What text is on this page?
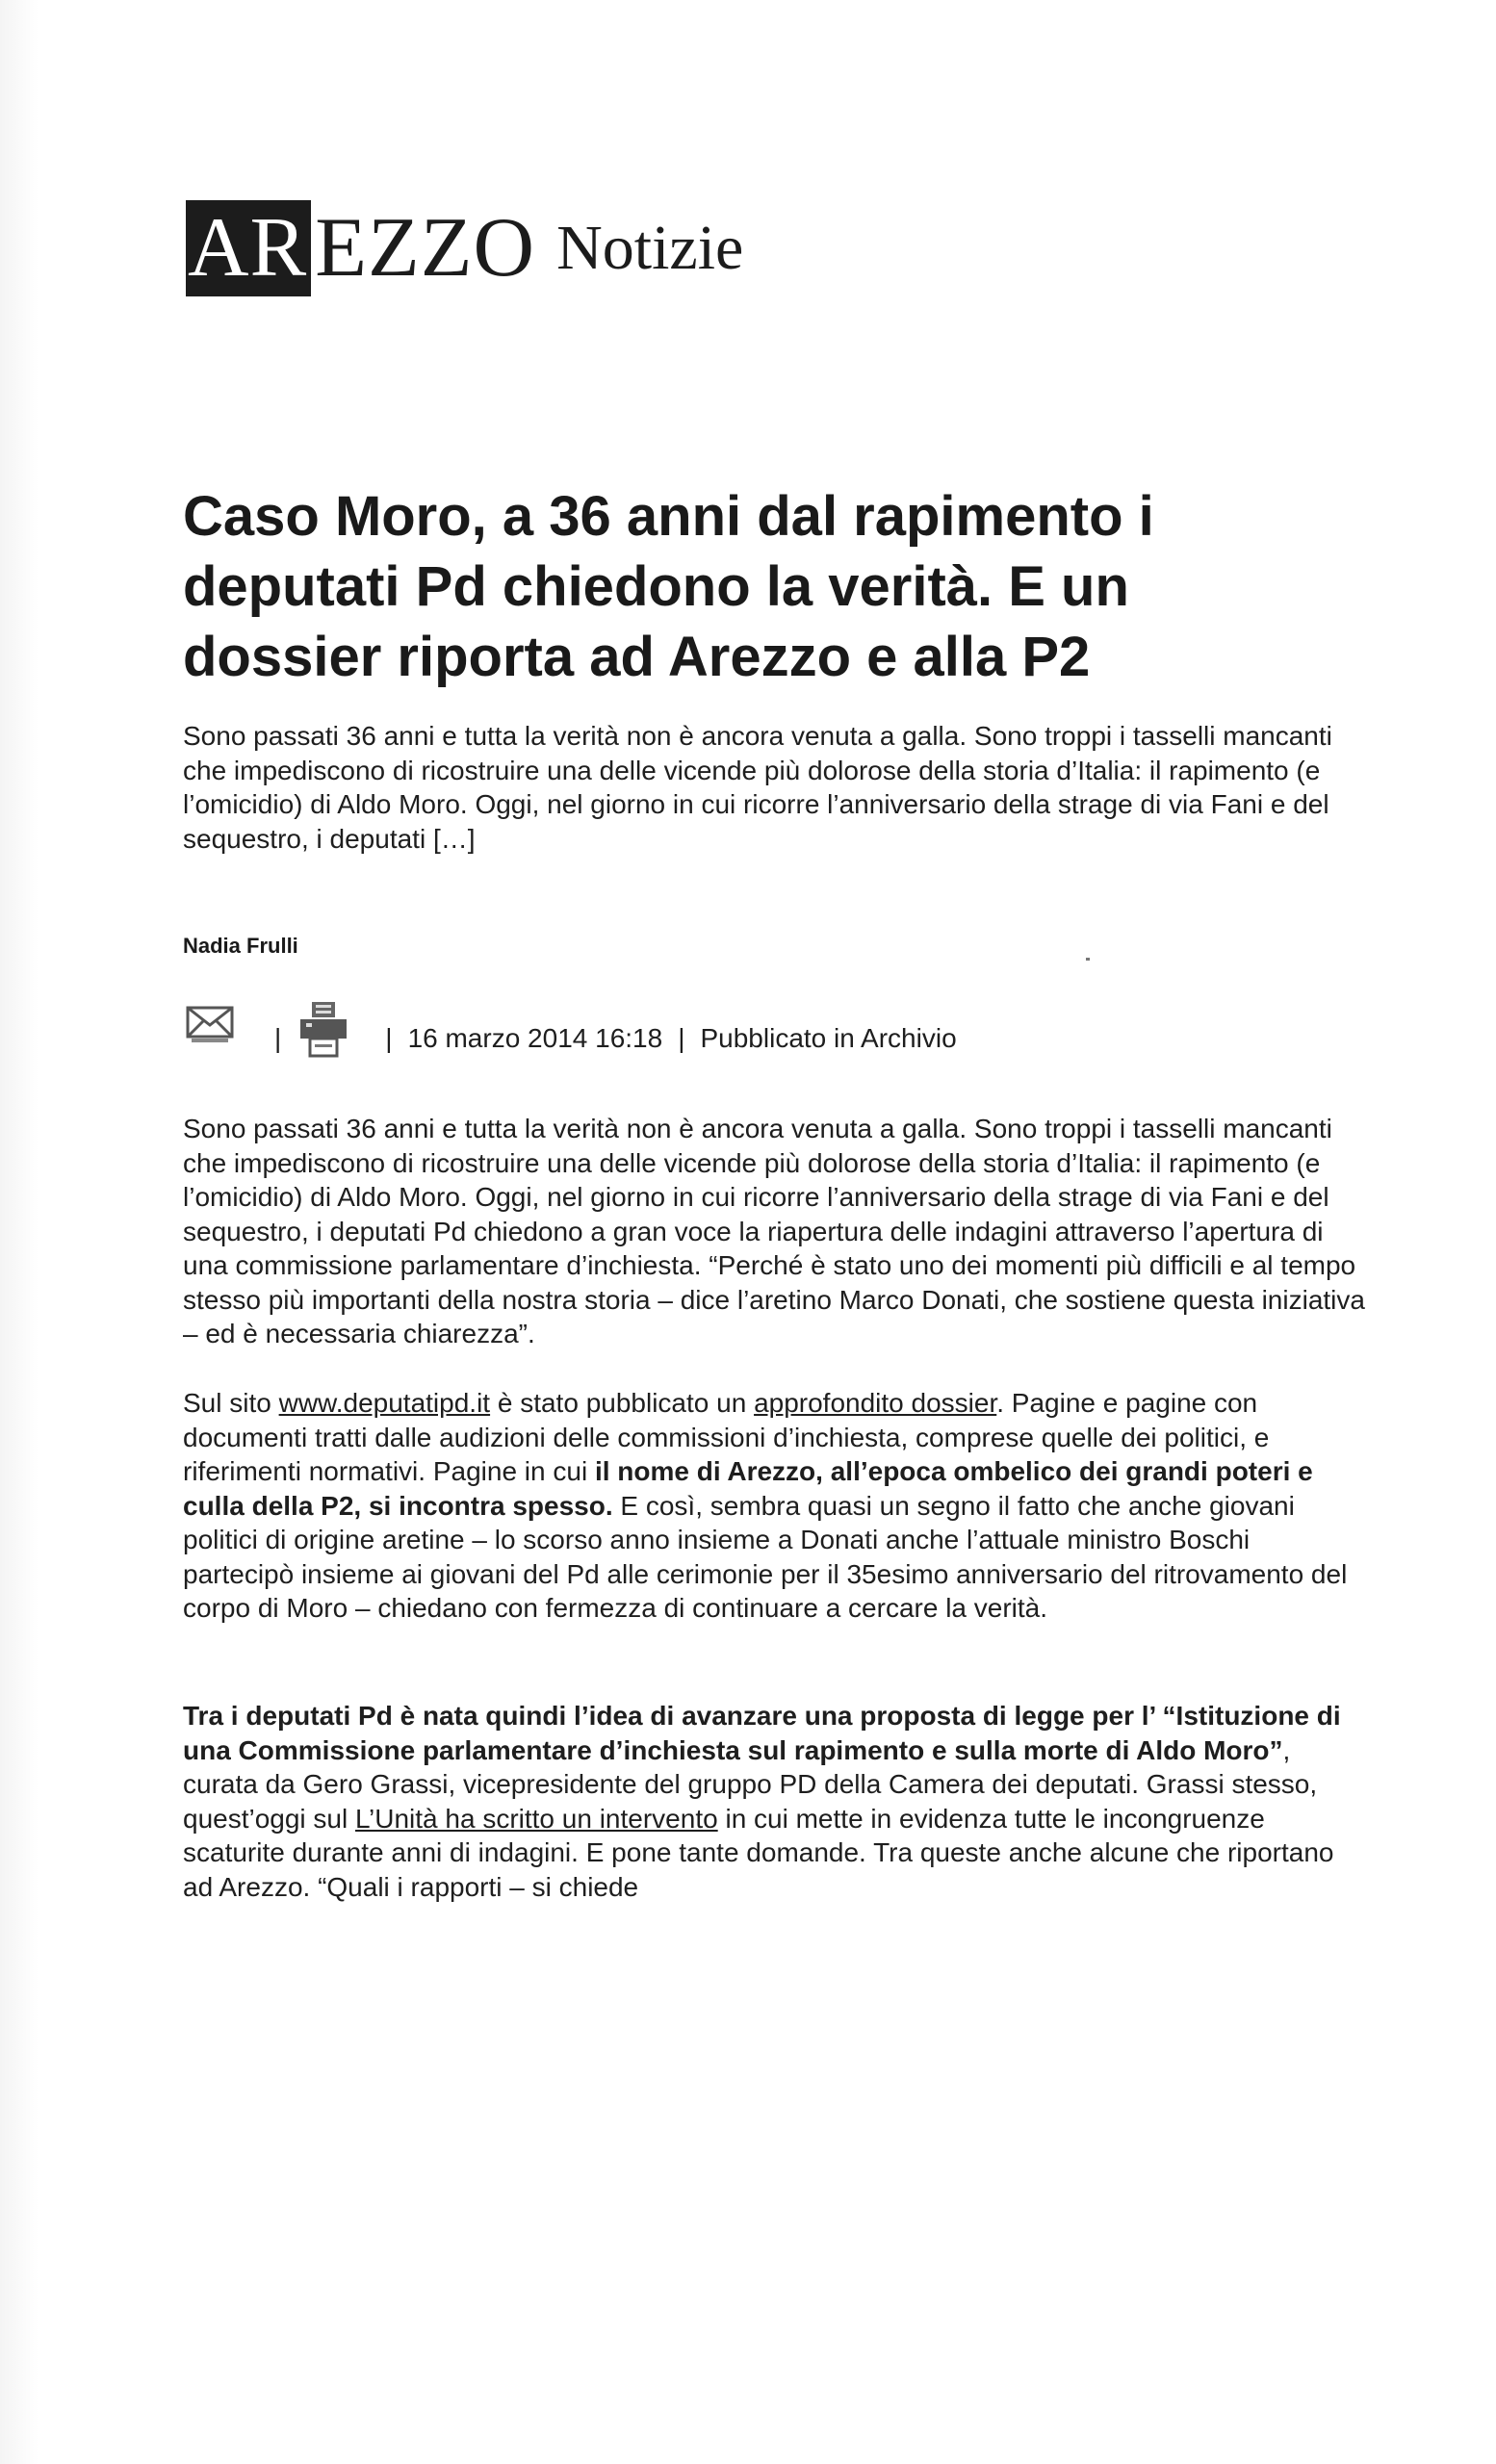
AR EZZO Notizie
Caso Moro, a 36 anni dal rapimento i deputati Pd chiedono la verità. E un dossier riporta ad Arezzo e alla P2

Sono passati 36 anni e tutta la verità non è ancora venuta a galla. Sono troppi i tasselli mancanti che impediscono di ricostruire una delle vicende più dolorose della storia d’Italia: il rapimento (e l’omicidio) di Aldo Moro. Oggi, nel giorno in cui ricorre l’anniversario della strage di via Fani e del sequestro, i deputati […]

Nadia Frulli

|	| 16 marzo 2014 16:18 | Pubblicato in Archivio

Sono passati 36 anni e tutta la verità non è ancora venuta a galla. Sono troppi i tasselli mancanti che impediscono di ricostruire una delle vicende più dolorose della storia d’Italia: il rapimento (e l’omicidio) di Aldo Moro. Oggi, nel giorno in cui ricorre l’anniversario della strage di via Fani e del sequestro, i deputati Pd chiedono a gran voce la riapertura delle indagini attraverso l’apertura di una commissione parlamentare d’inchiesta. “Perché è stato uno dei momenti più difficili e al tempo stesso più importanti della nostra storia – dice l’aretino Marco Donati, che sostiene questa iniziativa – ed è necessaria chiarezza”.

Sul sito www.deputatipd.it è stato pubblicato un approfondito dossier. Pagine e pagine con documenti tratti dalle audizioni delle commissioni d’inchiesta, comprese quelle dei politici, e riferimenti normativi. Pagine in cui il nome di Arezzo, all’epoca ombelico dei grandi poteri e culla della P2, si incontra spesso. E così, sembra quasi un segno il fatto che anche giovani politici di origine aretine – lo scorso anno insieme a Donati anche l’attuale ministro Boschi partecipò insieme ai giovani del Pd alle cerimonie per il 35esimo anniversario del ritrovamento del corpo di Moro – chiedano con fermezza di continuare a cercare la verità.

Tra i deputati Pd è nata quindi l’idea di avanzare una proposta di legge per l’ “Istituzione di una Commissione parlamentare d’inchiesta sul rapimento e sulla morte di Aldo Moro”, curata da Gero Grassi, vicepresidente del gruppo PD della Camera dei deputati. Grassi stesso, quest’oggi sul L’Unità ha scritto un intervento in cui mette in evidenza tutte le incongruenze scaturite durante anni di indagini. E pone tante domande. Tra queste anche alcune che riportano ad Arezzo. “Quali i rapporti – si chiede
